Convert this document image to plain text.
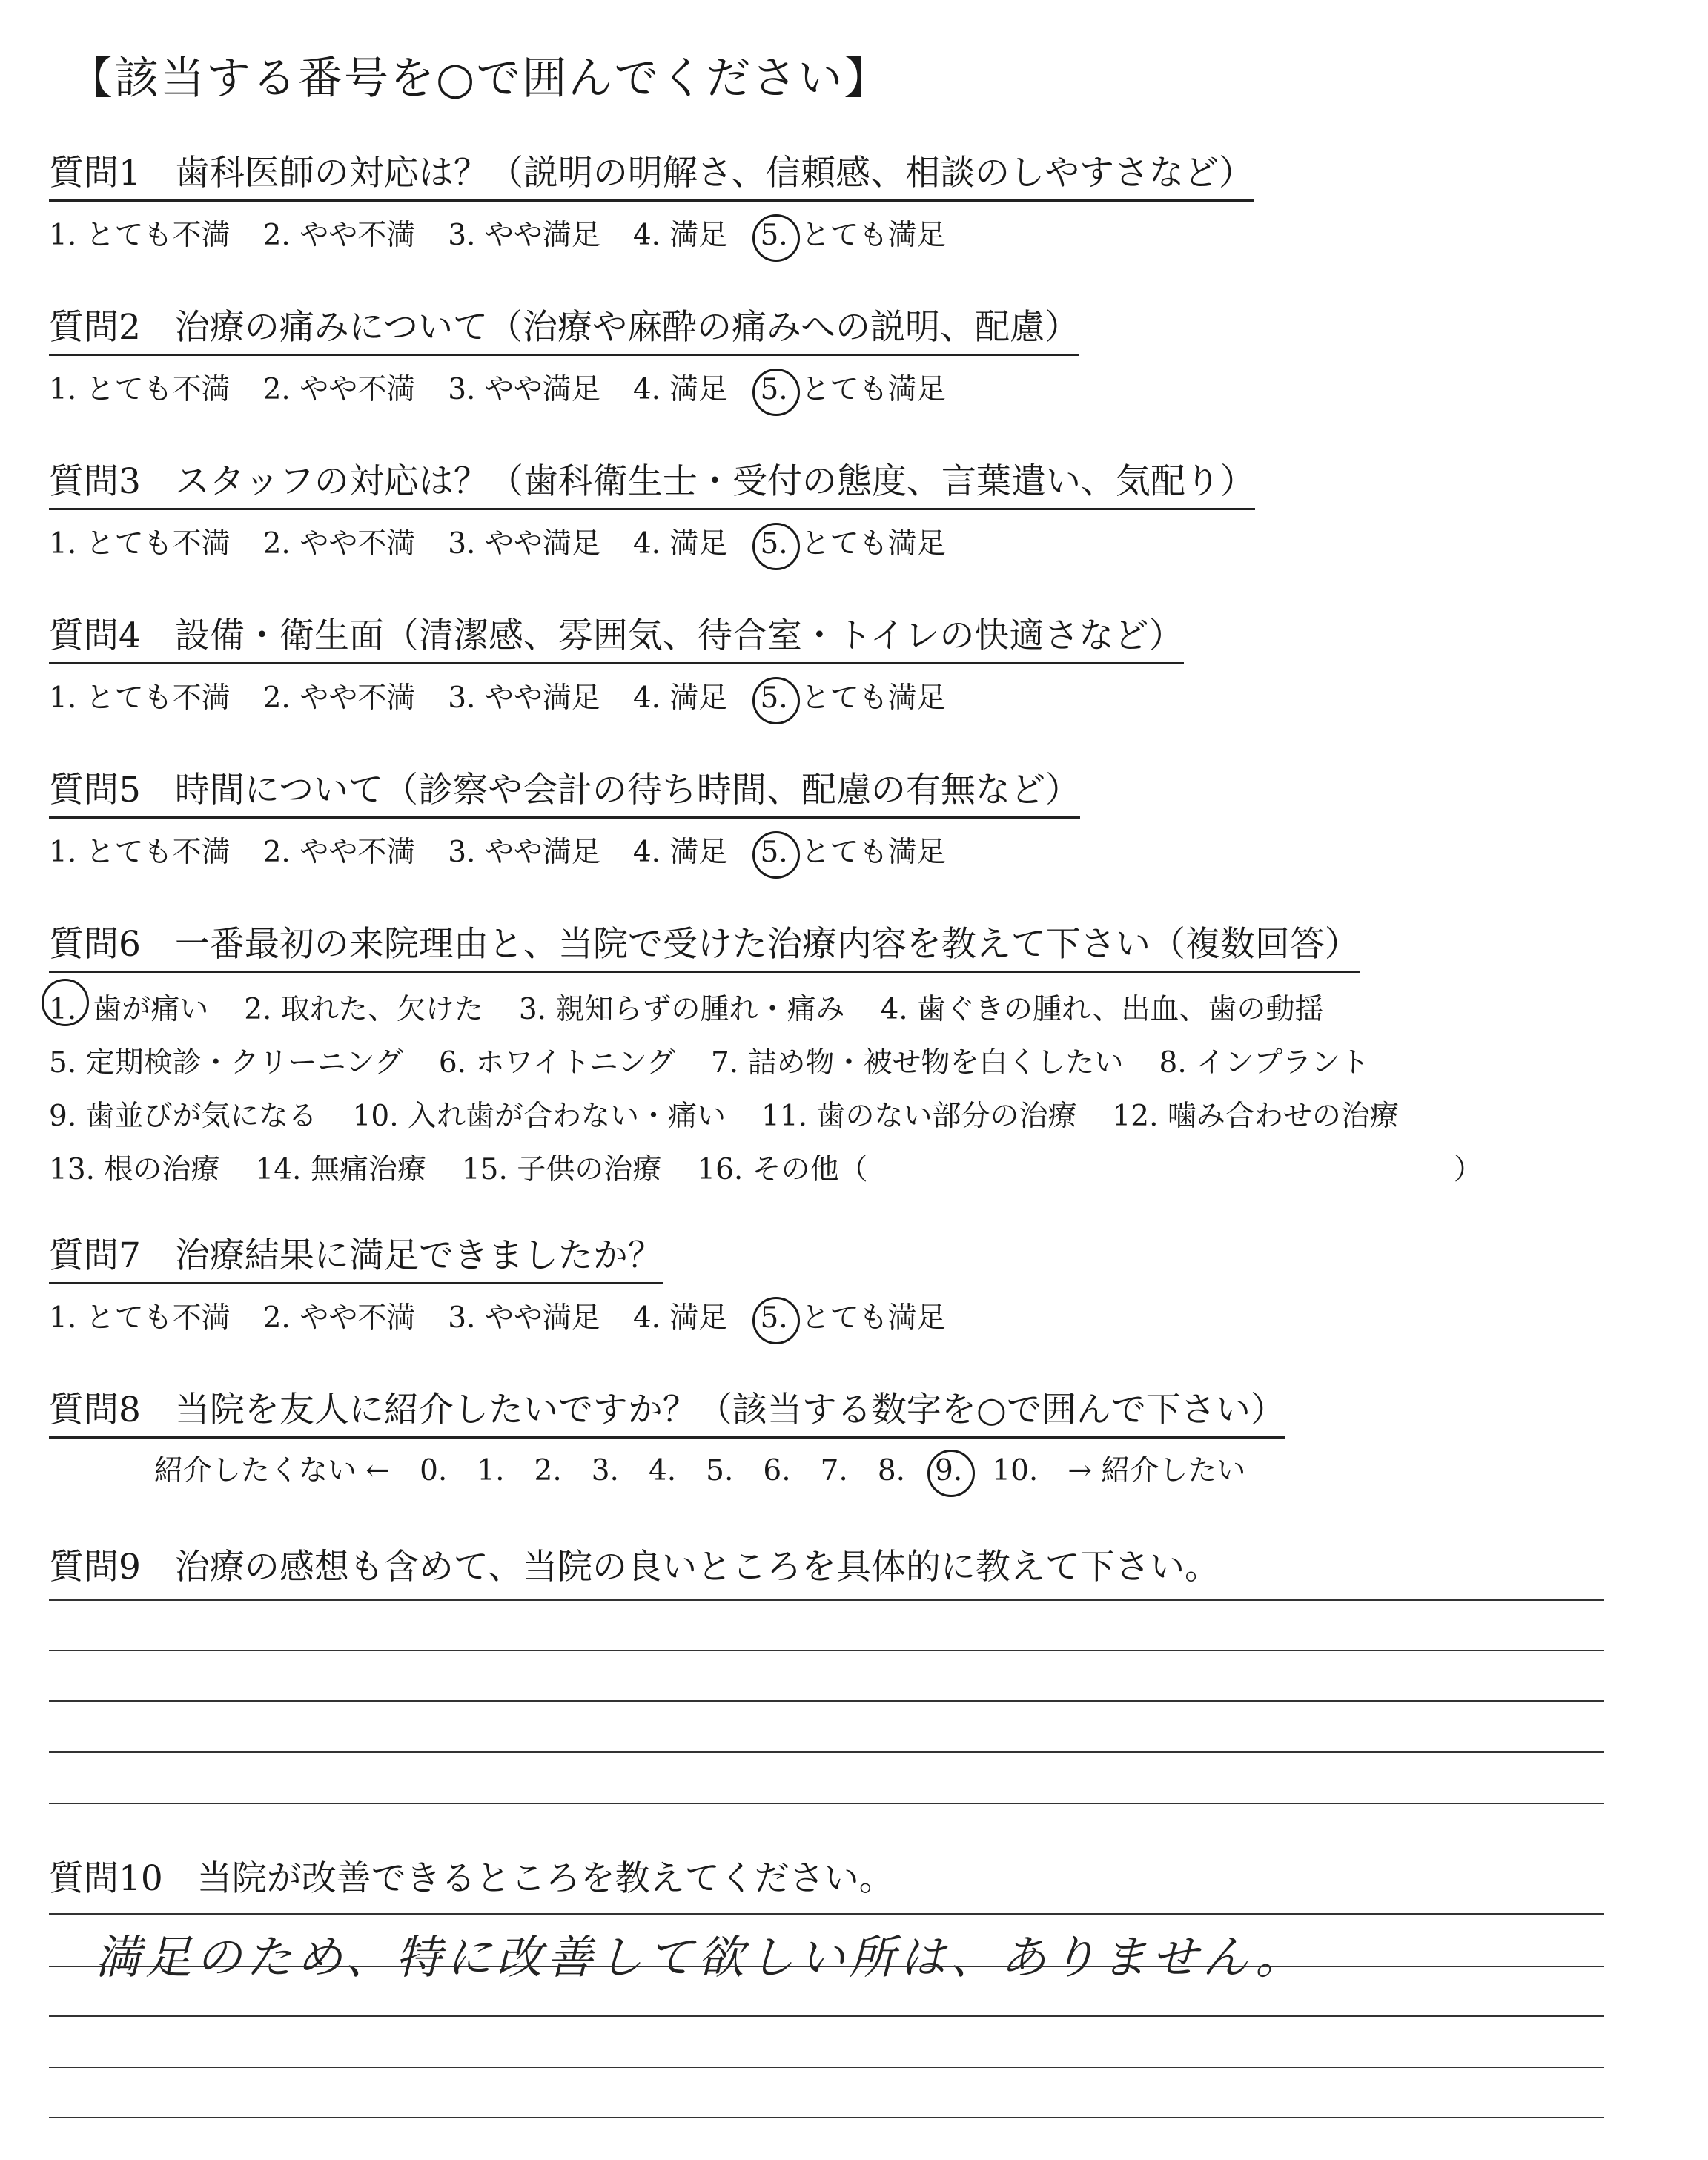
【該当する番号を○で囲んでください】
質問1 歯科医師の対応は？（説明の明解さ、信頼感、相談のしやすさなど）
1. とても不満 2. やや不満 3. やや満足 4. 満足 5. とても満足
質問2 治療の痛みについて（治療や麻酔の痛みへの説明、配慮）
1. とても不満 2. やや不満 3. やや満足 4. 満足 5. とても満足
質問3 スタッフの対応は？（歯科衛生士・受付の態度、言葉遣い、気配り）
1. とても不満 2. やや不満 3. やや満足 4. 満足 5. とても満足
質問4 設備・衛生面（清潔感、雰囲気、待合室・トイレの快適さなど）
1. とても不満 2. やや不満 3. やや満足 4. 満足 5. とても満足
質問5 時間について（診察や会計の待ち時間、配慮の有無など）
1. とても不満 2. やや不満 3. やや満足 4. 満足 5. とても満足
質問6 一番最初の来院理由と、当院で受けた治療内容を教えて下さい（複数回答）
1. 歯が痛い 2. 取れた、欠けた 3. 親知らずの腫れ・痛み 4. 歯ぐきの腫れ、出血、歯の動揺
5. 定期検診・クリーニング 6. ホワイトニング 7. 詰め物・被せ物を白くしたい 8. インプラント
9. 歯並びが気になる 10. 入れ歯が合わない・痛い 11. 歯のない部分の治療 12. 噛み合わせの治療
13. 根の治療 14. 無痛治療 15. 子供の治療 16. その他（	）
質問7 治療結果に満足できましたか？
1. とても不満 2. やや不満 3. やや満足 4. 満足 5. とても満足
質問8 当院を友人に紹介したいですか？（該当する数字を○で囲んで下さい）
紹介したくない ← 0. 1. 2. 3. 4. 5. 6. 7. 8. 9. 10. → 紹介したい
質問9 治療の感想も含めて、当院の良いところを具体的に教えて下さい。
質問10 当院が改善できるところを教えてください。
満足のため、特に改善して欲しい所は、ありません。
